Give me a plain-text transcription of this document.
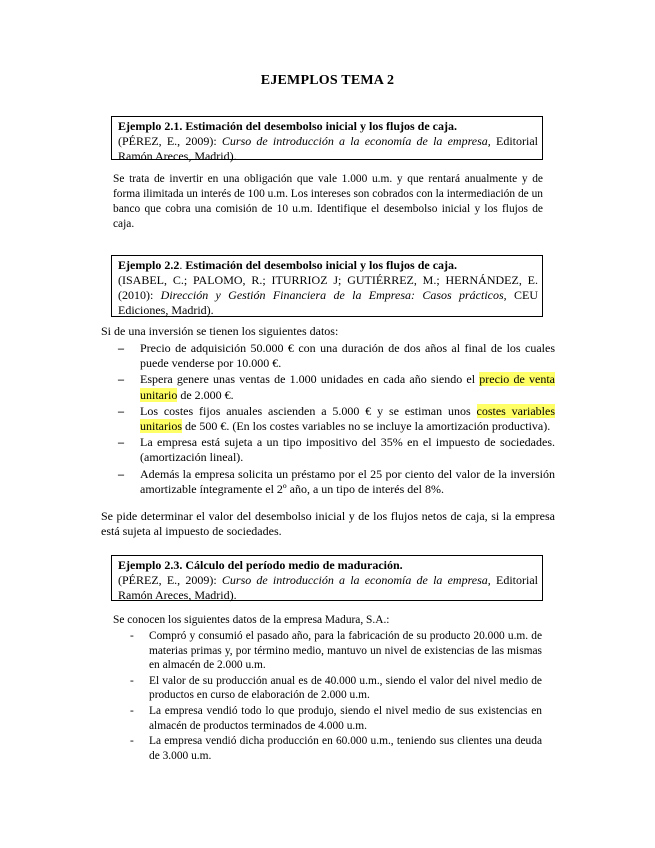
EJEMPLOS TEMA 2
Ejemplo 2.1. Estimación del desembolso inicial y los flujos de caja.
(PÉREZ, E., 2009): Curso de introducción a la economía de la empresa, Editorial Ramón Areces, Madrid).
Se trata de invertir en una obligación que vale 1.000 u.m. y que rentará anualmente y de forma ilimitada un interés de 100 u.m. Los intereses son cobrados con la intermediación de un banco que cobra una comisión de 10 u.m. Identifique el desembolso inicial y los flujos de caja.
Ejemplo 2.2. Estimación del desembolso inicial y los flujos de caja.
(ISABEL, C.; PALOMO, R.; ITURRIOZ J; GUTIÉRREZ, M.; HERNÁNDEZ, E. (2010): Dirección y Gestión Financiera de la Empresa: Casos prácticos, CEU Ediciones, Madrid).
Si de una inversión se tienen los siguientes datos:
– Precio de adquisición 50.000 € con una duración de dos años al final de los cuales puede venderse por 10.000 €.
– Espera genere unas ventas de 1.000 unidades en cada año siendo el precio de venta unitario de 2.000 €.
– Los costes fijos anuales ascienden a 5.000 € y se estiman unos costes variables unitarios de 500 €. (En los costes variables no se incluye la amortización productiva).
– La empresa está sujeta a un tipo impositivo del 35% en el impuesto de sociedades. (amortización lineal).
– Además la empresa solicita un préstamo por el 25 por ciento del valor de la inversión amortizable íntegramente el 2º año, a un tipo de interés del 8%.
Se pide determinar el valor del desembolso inicial y de los flujos netos de caja, si la empresa está sujeta al impuesto de sociedades.
Ejemplo 2.3. Cálculo del período medio de maduración.
(PÉREZ, E., 2009): Curso de introducción a la economía de la empresa, Editorial Ramón Areces, Madrid).
Se conocen los siguientes datos de la empresa Madura, S.A.:
- Compró y consumió el pasado año, para la fabricación de su producto 20.000 u.m. de materias primas y, por término medio, mantuvo un nivel de existencias de las mismas en almacén de 2.000 u.m.
- El valor de su producción anual es de 40.000 u.m., siendo el valor del nivel medio de productos en curso de elaboración de 2.000 u.m.
- La empresa vendió todo lo que produjo, siendo el nivel medio de sus existencias en almacén de productos terminados de 4.000 u.m.
- La empresa vendió dicha producción en 60.000 u.m., teniendo sus clientes una deuda de 3.000 u.m.
